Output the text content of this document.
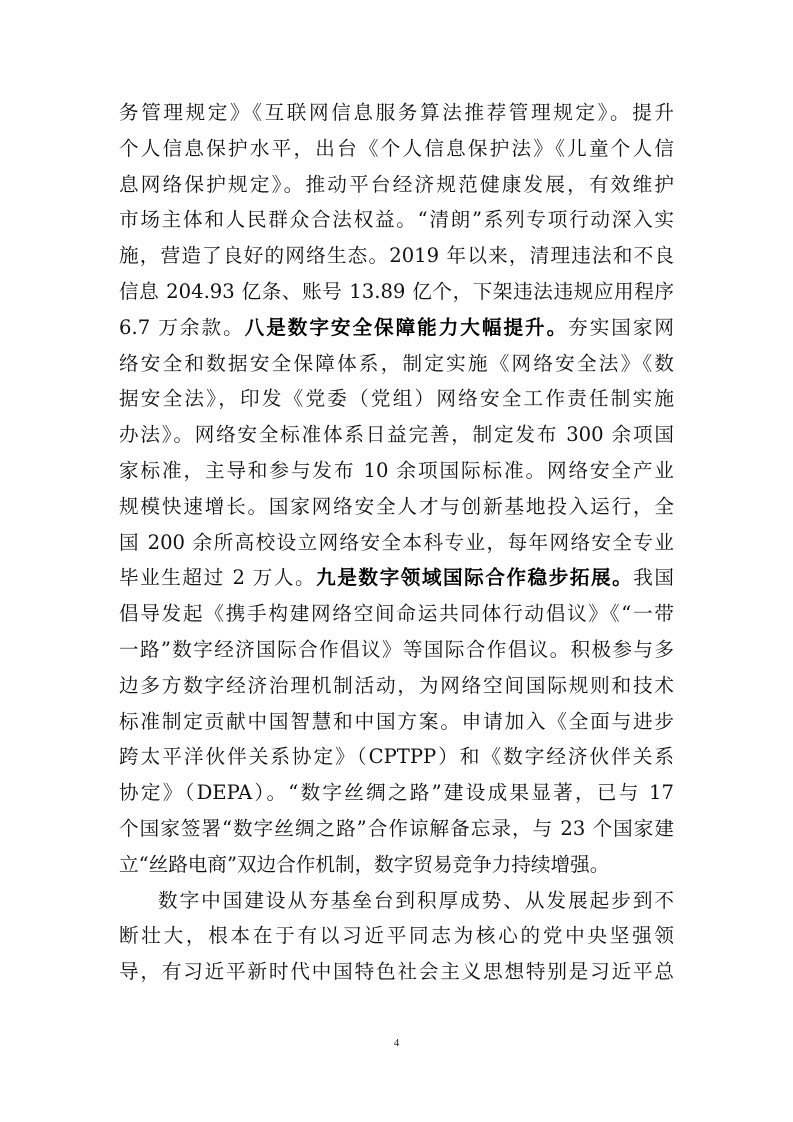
务管理规定》《互联网信息服务算法推荐管理规定》。提升
个人信息保护水平，出台《个人信息保护法》《儿童个人信
息网络保护规定》。推动平台经济规范健康发展，有效维护
市场主体和人民群众合法权益。“清朗”系列专项行动深入实
施，营造了良好的网络生态。2019 年以来，清理违法和不良
信息 204.93 亿条、账号 13.89 亿个，下架违法违规应用程序
6.7 万余款。八是数字安全保障能力大幅提升。夯实国家网
络安全和数据安全保障体系，制定实施《网络安全法》《数
据安全法》，印发《党委（党组）网络安全工作责任制实施
办法》。网络安全标准体系日益完善，制定发布 300 余项国
家标准，主导和参与发布 10 余项国际标准。网络安全产业
规模快速增长。国家网络安全人才与创新基地投入运行，全
国 200 余所高校设立网络安全本科专业，每年网络安全专业
毕业生超过 2 万人。九是数字领域国际合作稳步拓展。我国
倡导发起《携手构建网络空间命运共同体行动倡议》《“一带
一路”数字经济国际合作倡议》等国际合作倡议。积极参与多
边多方数字经济治理机制活动，为网络空间国际规则和技术
标准制定贡献中国智慧和中国方案。申请加入《全面与进步
跨太平洋伙伴关系协定》（CPTPP）和《数字经济伙伴关系
协定》（DEPA）。“数字丝绸之路”建设成果显著，已与 17
个国家签署“数字丝绸之路”合作谅解备忘录，与 23 个国家建
立“丝路电商”双边合作机制，数字贸易竞争力持续增强。
数字中国建设从夯基垒台到积厚成势、从发展起步到不
断壮大，根本在于有以习近平同志为核心的党中央坚强领
导，有习近平新时代中国特色社会主义思想特别是习近平总
4
